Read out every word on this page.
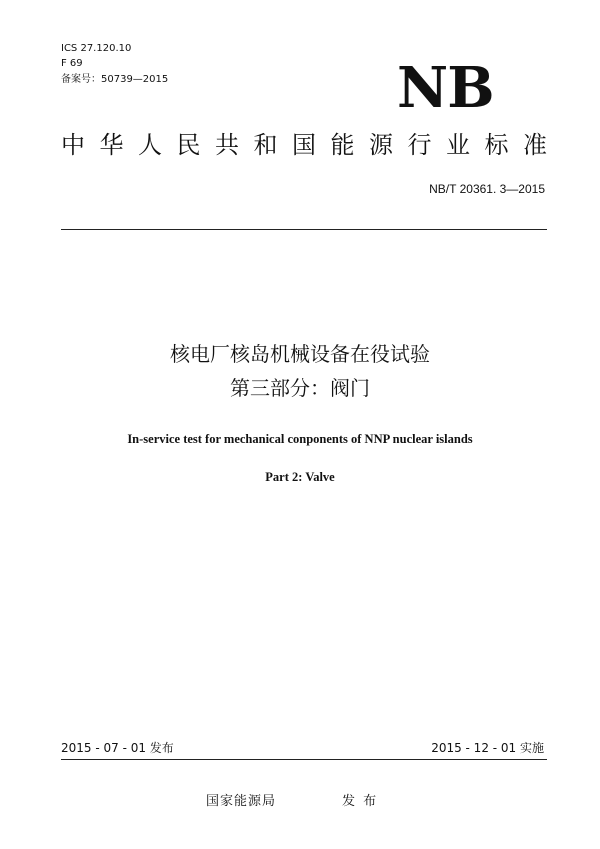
ICS 27.120.10
F 69
备案号：50739—2015	NB
中 华 人 民 共 和 国 能 源 行 业 标 准
NB/T 20361. 3—2015
核电厂核岛机械设备在役试验
第三部分：阀门
In-service test for mechanical conponents of NNP nuclear islands
Part 2: Valve
2015 - 07 - 01 发布	2015 - 12 - 01 实施
国家能源局	发 布
